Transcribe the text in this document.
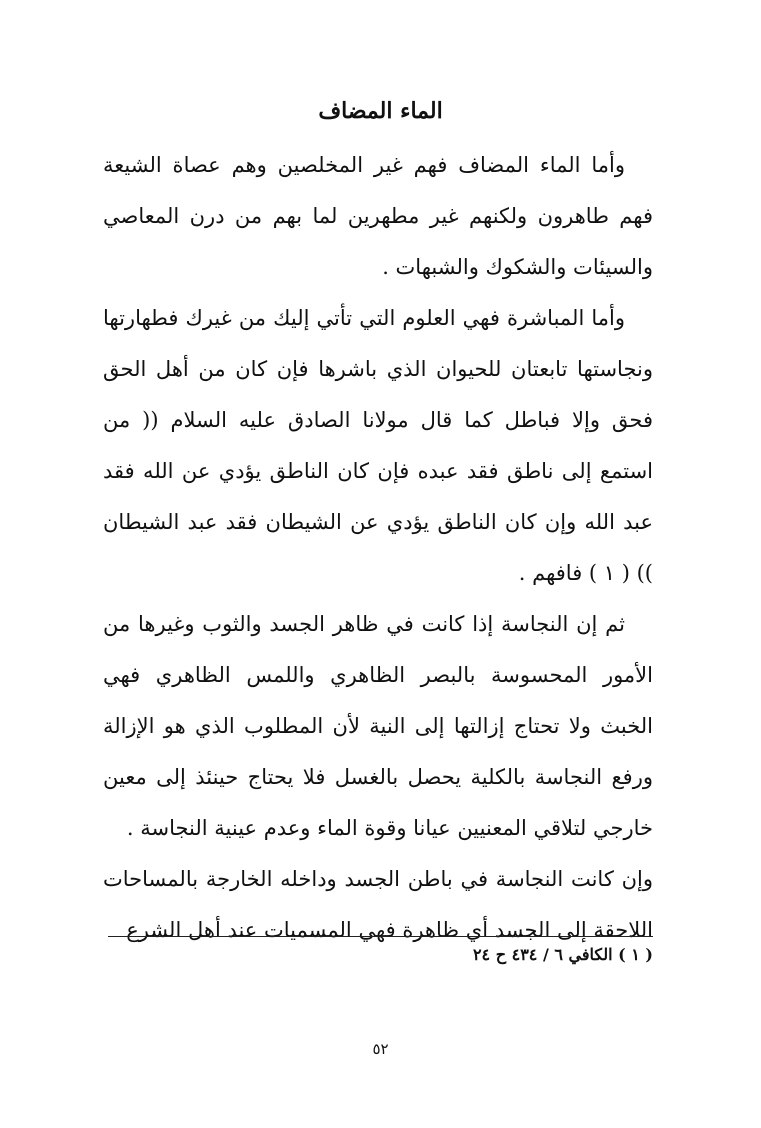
الماء المضاف

وأما الماء المضاف فهم غير المخلصين وهم عصاة الشيعة فهم طاهرون ولكنهم غير مطهرين لما بهم من درن المعاصي والسيئات والشكوك والشبهات .

وأما المباشرة فهي العلوم التي تأتي إليك من غيرك فطهارتها ونجاستها تابعتان للحيوان الذي باشرها فإن كان من أهل الحق فحق وإلا فباطل كما قال مولانا الصادق عليه السلام (( من استمع إلى ناطق فقد عبده فإن كان الناطق يؤدي عن الله فقد عبد الله وإن كان الناطق يؤدي عن الشيطان فقد عبد الشيطان )) ( ١ ) فافهم .

ثم إن النجاسة إذا كانت في ظاهر الجسد والثوب وغيرها من الأمور المحسوسة بالبصر الظاهري واللمس الظاهري فهي الخبث ولا تحتاج إزالتها إلى النية لأن المطلوب الذي هو الإزالة ورفع النجاسة بالكلية يحصل بالغسل فلا يحتاج حينئذ إلى معين خارجي لتلاقي المعنيين عيانا وقوة الماء وعدم عينية النجاسة .

وإن كانت النجاسة في باطن الجسد وداخله الخارجة بالمساحات اللاحقة إلى الجسد أي ظاهرة فهي المسميات عند أهل الشرع

( ١ ) الكافي ٦ / ٤٣٤ ح ٢٤
٥٢
